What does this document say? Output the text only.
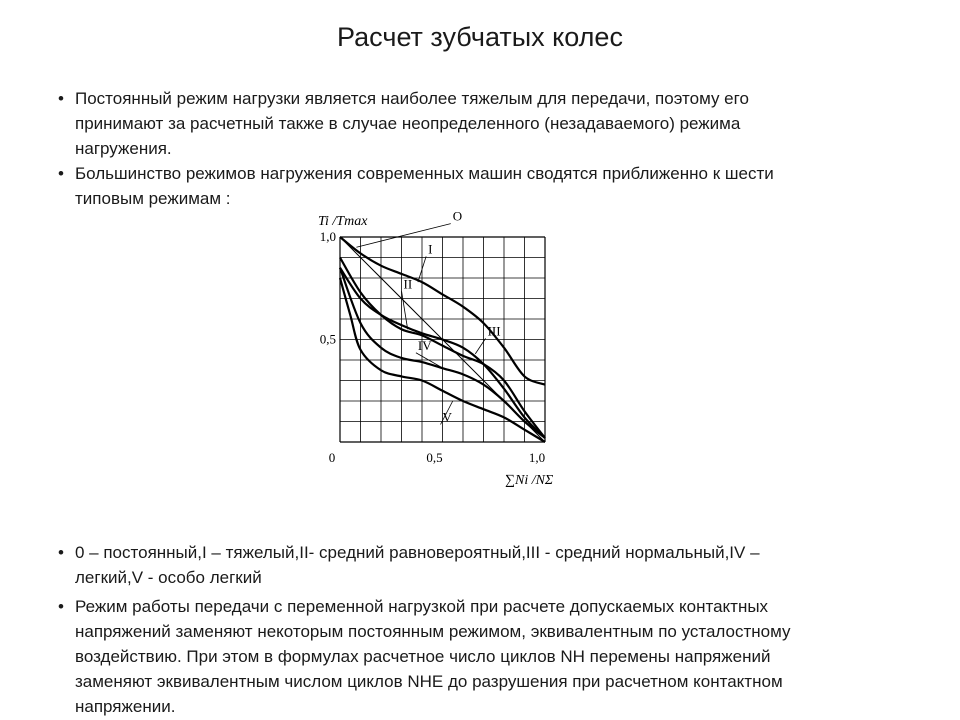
Расчет зубчатых колес
• Постоянный режим нагрузки является наиболее тяжелым для передачи, поэтому его
принимают за расчетный также в случае неопределенного (незадаваемого) режима
нагружения.
• Большинство режимов нагружения современных машин сводятся приближенно к шести
типовым режимам :
• 0 – постоянный,I – тяжелый,II- средний равновероятный,III - средний нормальный,IV –
легкий,V - особо легкий
• Режим работы передачи с переменной нагрузкой при расчете допускаемых контактных
напряжений заменяют некоторым постоянным режимом, эквивалентным по усталостному
воздействию. При этом в формулах расчетное число циклов NH перемены напряжений
заменяют эквивалентным числом циклов NHE до разрушения при расчетном контактном
напряжении.
0	0,5	1,0
0,5
1,0
Ti /Tmax
∑Ni /NΣ
О
I
II
III
IV
V
